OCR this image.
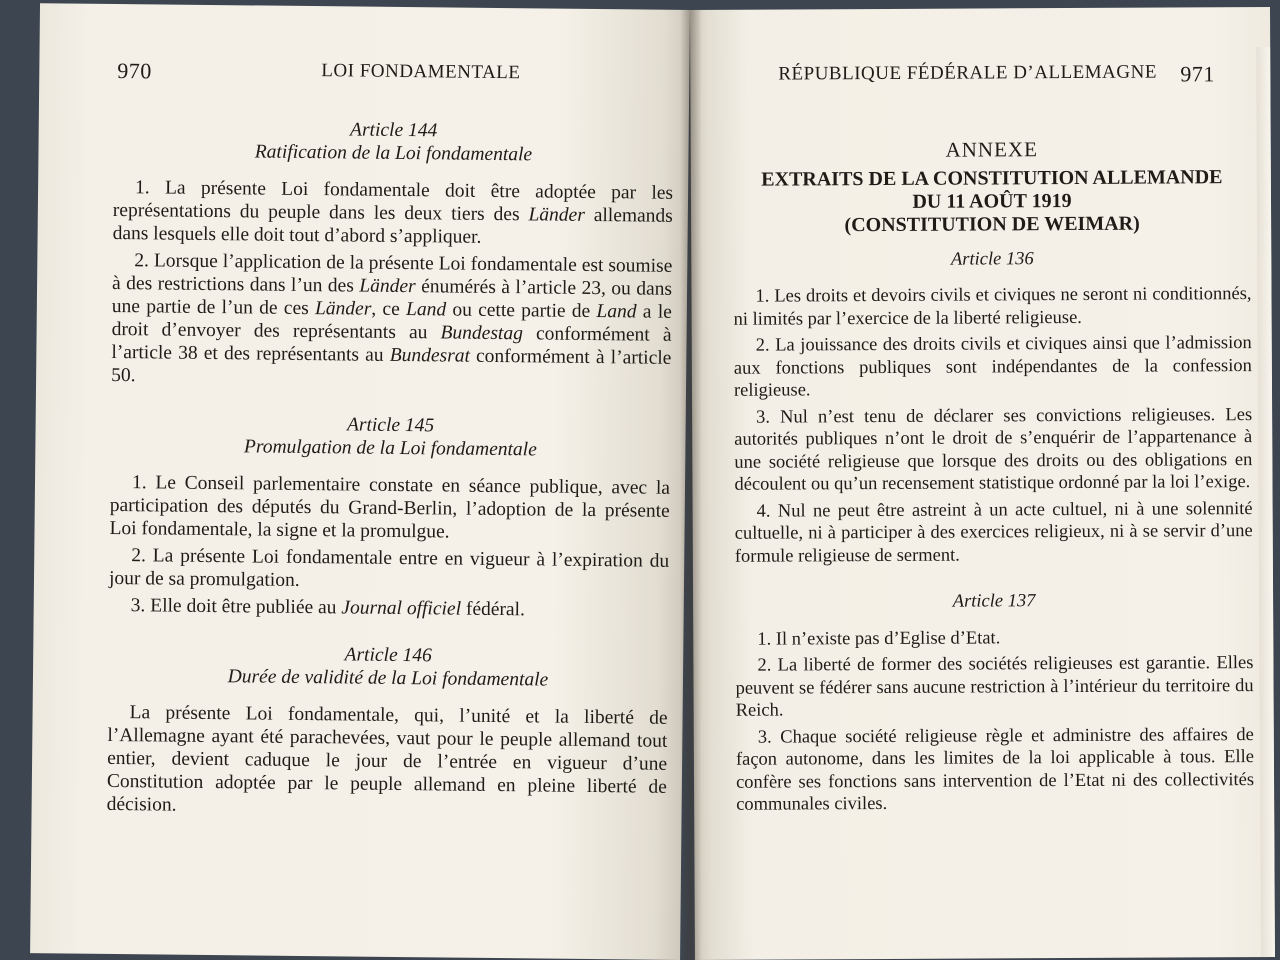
970	LOI FONDAMENTALE

Article 144

Ratification de la Loi fondamentale

1. La présente Loi fondamentale doit être adoptée par les représentations du peuple dans les deux tiers des Länder allemands dans lesquels elle doit tout d’abord s’appliquer.

2. Lorsque l’application de la présente Loi fondamentale est soumise à des restrictions dans l’un des Länder énumérés à l’article 23, ou dans une partie de l’un de ces Länder, ce Land ou cette partie de Land a le droit d’envoyer des représentants au Bundestag conformément à l’article 38 et des représentants au Bundesrat conformément à l’article 50.

Article 145

Promulgation de la Loi fondamentale

1. Le Conseil parlementaire constate en séance publique, avec la participation des députés du Grand-Berlin, l’adoption de la présente Loi fondamentale, la signe et la promulgue.

2. La présente Loi fondamentale entre en vigueur à l’expiration du jour de sa promulgation.

3. Elle doit être publiée au Journal officiel fédéral.

Article 146

Durée de validité de la Loi fondamentale

La présente Loi fondamentale, qui, l’unité et la liberté de l’Allemagne ayant été parachevées, vaut pour le peuple allemand tout entier, devient caduque le jour de l’entrée en vigueur d’une Constitution adoptée par le peuple allemand en pleine liberté de décision.

RÉPUBLIQUE FÉDÉRALE D’ALLEMAGNE 971

ANNEXE

EXTRAITS DE LA CONSTITUTION ALLEMANDE
DU 11 AOÛT 1919
(CONSTITUTION DE WEIMAR)

Article 136

1. Les droits et devoirs civils et civiques ne seront ni conditionnés, ni limités par l’exercice de la liberté religieuse.

2. La jouissance des droits civils et civiques ainsi que l’admission aux fonctions publiques sont indépendantes de la confession religieuse.

3. Nul n’est tenu de déclarer ses convictions religieuses. Les autorités publiques n’ont le droit de s’enquérir de l’appartenance à une société religieuse que lorsque des droits ou des obligations en découlent ou qu’un recensement statistique ordonné par la loi l’exige.

4. Nul ne peut être astreint à un acte cultuel, ni à une solennité cultuelle, ni à participer à des exercices religieux, ni à se servir d’une formule religieuse de serment.

Article 137

1. Il n’existe pas d’Eglise d’Etat.

2. La liberté de former des sociétés religieuses est garantie. Elles peuvent se fédérer sans aucune restriction à l’intérieur du territoire du Reich.

3. Chaque société religieuse règle et administre des affaires de façon autonome, dans les limites de la loi applicable à tous. Elle confère ses fonctions sans intervention de l’Etat ni des collectivités communales civiles.
